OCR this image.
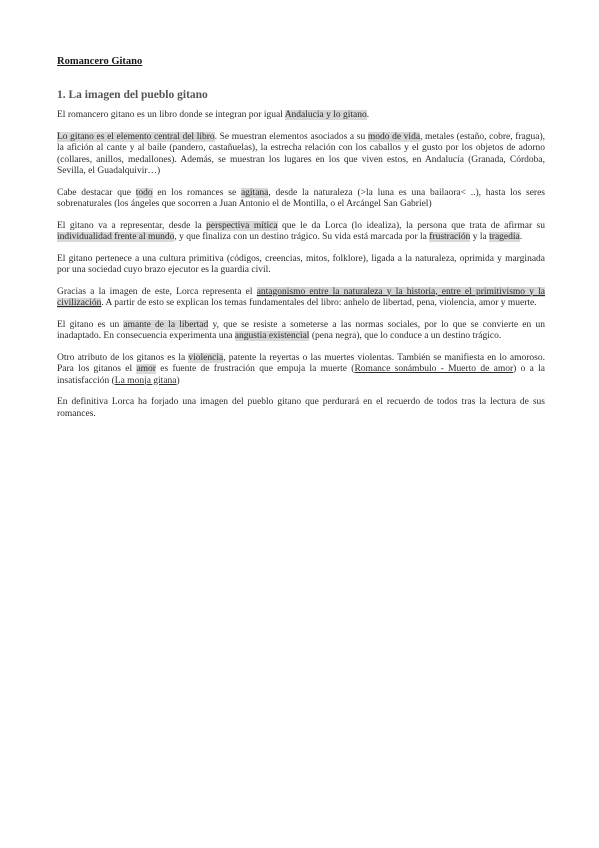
Romancero Gitano
1. La imagen del pueblo gitano

El romancero gitano es un libro donde se integran por igual Andalucía y lo gitano.

Lo gitano es el elemento central del libro. Se muestran elementos asociados a su modo de vida, metales (estaño, cobre, fragua), la afición al cante y al baile (pandero, castañuelas), la estrecha relación con los caballos y el gusto por los objetos de adorno (collares, anillos, medallones). Además, se muestran los lugares en los que viven estos, en Andalucía (Granada, Córdoba, Sevilla, el Guadalquivir…)

Cabe destacar que todo en los romances se agitana, desde la naturaleza (>la luna es una bailaora< ..), hasta los seres sobrenaturales (los ángeles que socorren a Juan Antonio el de Montilla, o el Arcángel San Gabriel)

El gitano va a representar, desde la perspectiva mítica que le da Lorca (lo idealiza), la persona que trata de afirmar su individualidad frente al mundo, y que finaliza con un destino trágico. Su vida está marcada por la frustración y la tragedia.

El gitano pertenece a una cultura primitiva (códigos, creencias, mitos, folklore), ligada a la naturaleza, oprimida y marginada por una sociedad cuyo brazo ejecutor es la guardia civil.

Gracias a la imagen de este, Lorca representa el antagonismo entre la naturaleza y la historia, entre el primitivismo y la civilización. A partir de esto se explican los temas fundamentales del libro: anhelo de libertad, pena, violencia, amor y muerte.

El gitano es un amante de la libertad y, que se resiste a someterse a las normas sociales, por lo que se convierte en un inadaptado. En consecuencia experimenta una angustia existencial (pena negra), que lo conduce a un destino trágico.

Otro atributo de los gitanos es la violencia, patente la reyertas o las muertes violentas. También se manifiesta en lo amoroso. Para los gitanos el amor es fuente de frustración que empuja la muerte (Romance sonámbulo - Muerto de amor) o a la insatisfacción (La monja gitana)

En definitiva Lorca ha forjado una imagen del pueblo gitano que perdurará en el recuerdo de todos tras la lectura de sus romances.
